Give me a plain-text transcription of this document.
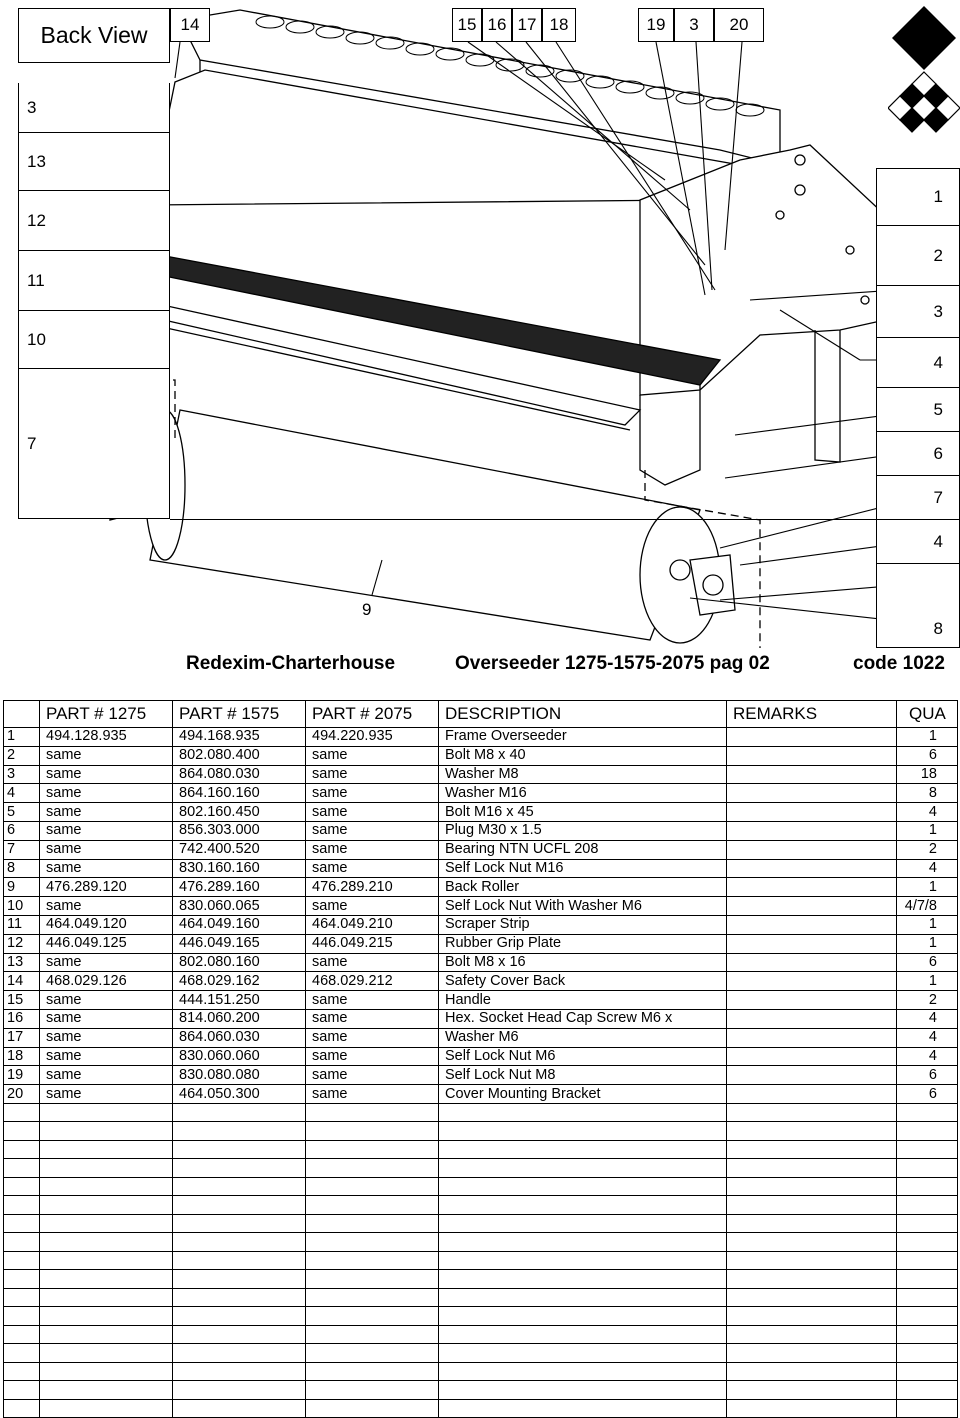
Back View	14	15 16 17 18	19	3	20
3
13
12
11
10
7
1
2
3
4
5
6
7
4
8
9
Redexim-Charterhouse	Overseeder 1275-1575-2075 pag 02	code 1022
	PART # 1275	PART # 1575	PART # 2075	DESCRIPTION	REMARKS	QUA
1	494.128.935	494.168.935	494.220.935	Frame Overseeder		1
2	same	802.080.400	same	Bolt M8 x 40		6
3	same	864.080.030	same	Washer M8		18
4	same	864.160.160	same	Washer M16		8
5	same	802.160.450	same	Bolt M16 x 45		4
6	same	856.303.000	same	Plug M30 x 1.5		1
7	same	742.400.520	same	Bearing NTN UCFL 208		2
8	same	830.160.160	same	Self Lock Nut M16		4
9	476.289.120	476.289.160	476.289.210	Back Roller		1
10	same	830.060.065	same	Self Lock Nut With Washer M6		4/7/8
11	464.049.120	464.049.160	464.049.210	Scraper Strip		1
12	446.049.125	446.049.165	446.049.215	Rubber Grip Plate		1
13	same	802.080.160	same	Bolt M8 x 16		6
14	468.029.126	468.029.162	468.029.212	Safety Cover Back		1
15	same	444.151.250	same	Handle		2
16	same	814.060.200	same	Hex. Socket Head Cap Screw M6 x		4
17	same	864.060.030	same	Washer M6		4
18	same	830.060.060	same	Self Lock Nut M6		4
19	same	830.080.080	same	Self Lock Nut M8		6
20	same	464.050.300	same	Cover Mounting Bracket		6
